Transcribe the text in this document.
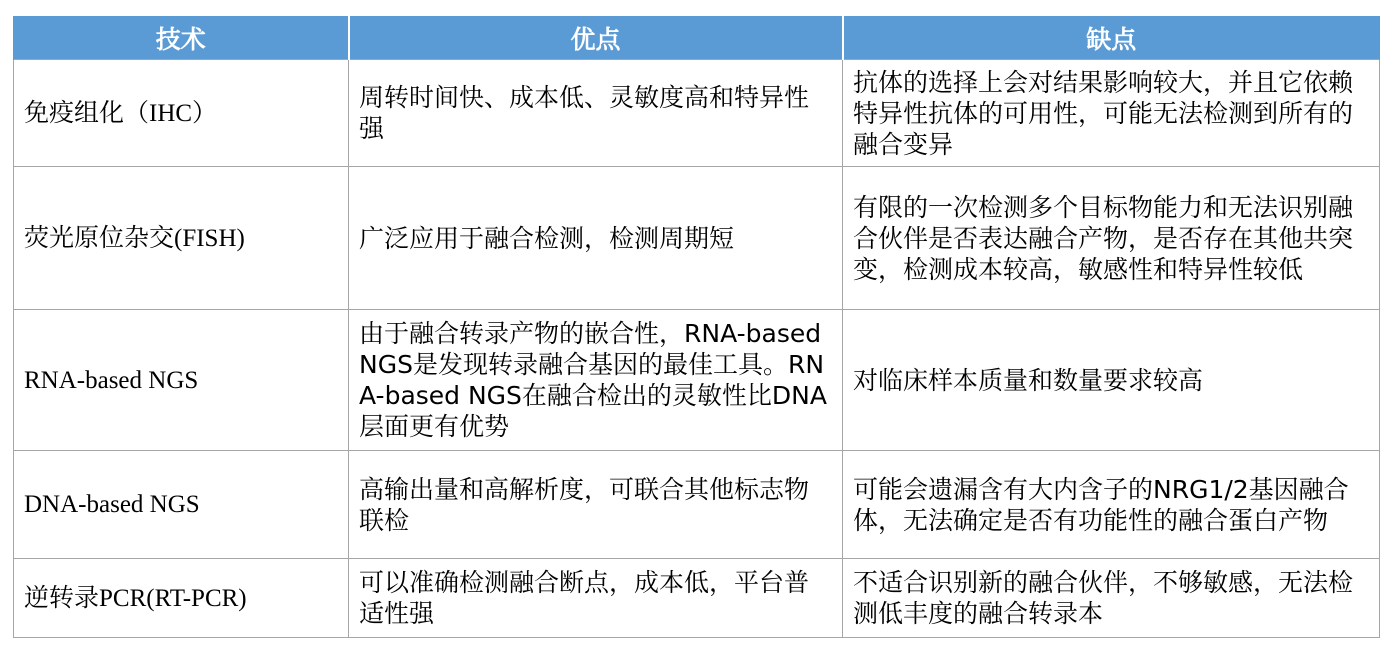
技术	优点	缺点
免疫组化（IHC）	周转时间快、成本低、灵敏度高和特异性强	抗体的选择上会对结果影响较大，并且它依赖特异性抗体的可用性，可能无法检测到所有的融合变异
荧光原位杂交(FISH)	广泛应用于融合检测，检测周期短	有限的一次检测多个目标物能力和无法识别融合伙伴是否表达融合产物，是否存在其他共突变，检测成本较高，敏感性和特异性较低
RNA-based NGS	由于融合转录产物的嵌合性，RNA-based NGS是发现转录融合基因的最佳工具。RNA-based NGS在融合检出的灵敏性比DNA层面更有优势	对临床样本质量和数量要求较高
DNA-based NGS	高输出量和高解析度，可联合其他标志物联检	可能会遗漏含有大内含子的NRG1/2基因融合体，无法确定是否有功能性的融合蛋白产物
逆转录PCR(RT-PCR)	可以准确检测融合断点，成本低，平台普适性强	不适合识别新的融合伙伴，不够敏感，无法检测低丰度的融合转录本
